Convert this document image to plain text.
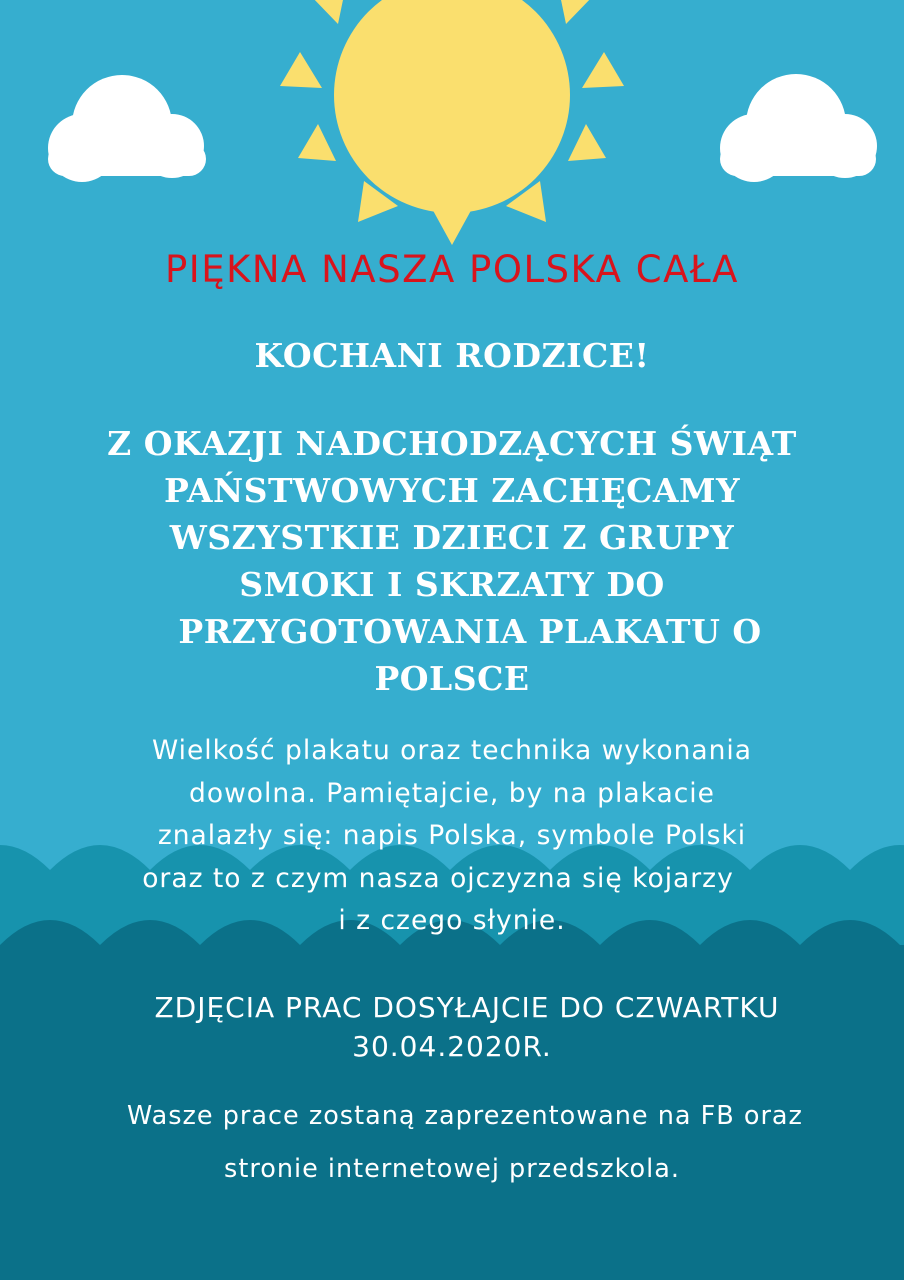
PIĘKNA NASZA POLSKA CAŁA
KOCHANI RODZICE!
Z OKAZJI NADCHODZĄCYCH ŚWIĄT
PAŃSTWOWYCH ZACHĘCAMY
WSZYSTKIE DZIECI Z GRUPY
SMOKI I SKRZATY DO
PRZYGOTOWANIA PLAKATU O
POLSCE
Wielkość plakatu oraz technika wykonania
dowolna. Pamiętajcie, by na plakacie
znalazły się: napis Polska, symbole Polski
oraz to z czym nasza ojczyzna się kojarzy
i z czego słynie.
ZDJĘCIA PRAC DOSYŁAJCIE DO CZWARTKU
30.04.2020R.
Wasze prace zostaną zaprezentowane na FB oraz
stronie internetowej przedszkola.
